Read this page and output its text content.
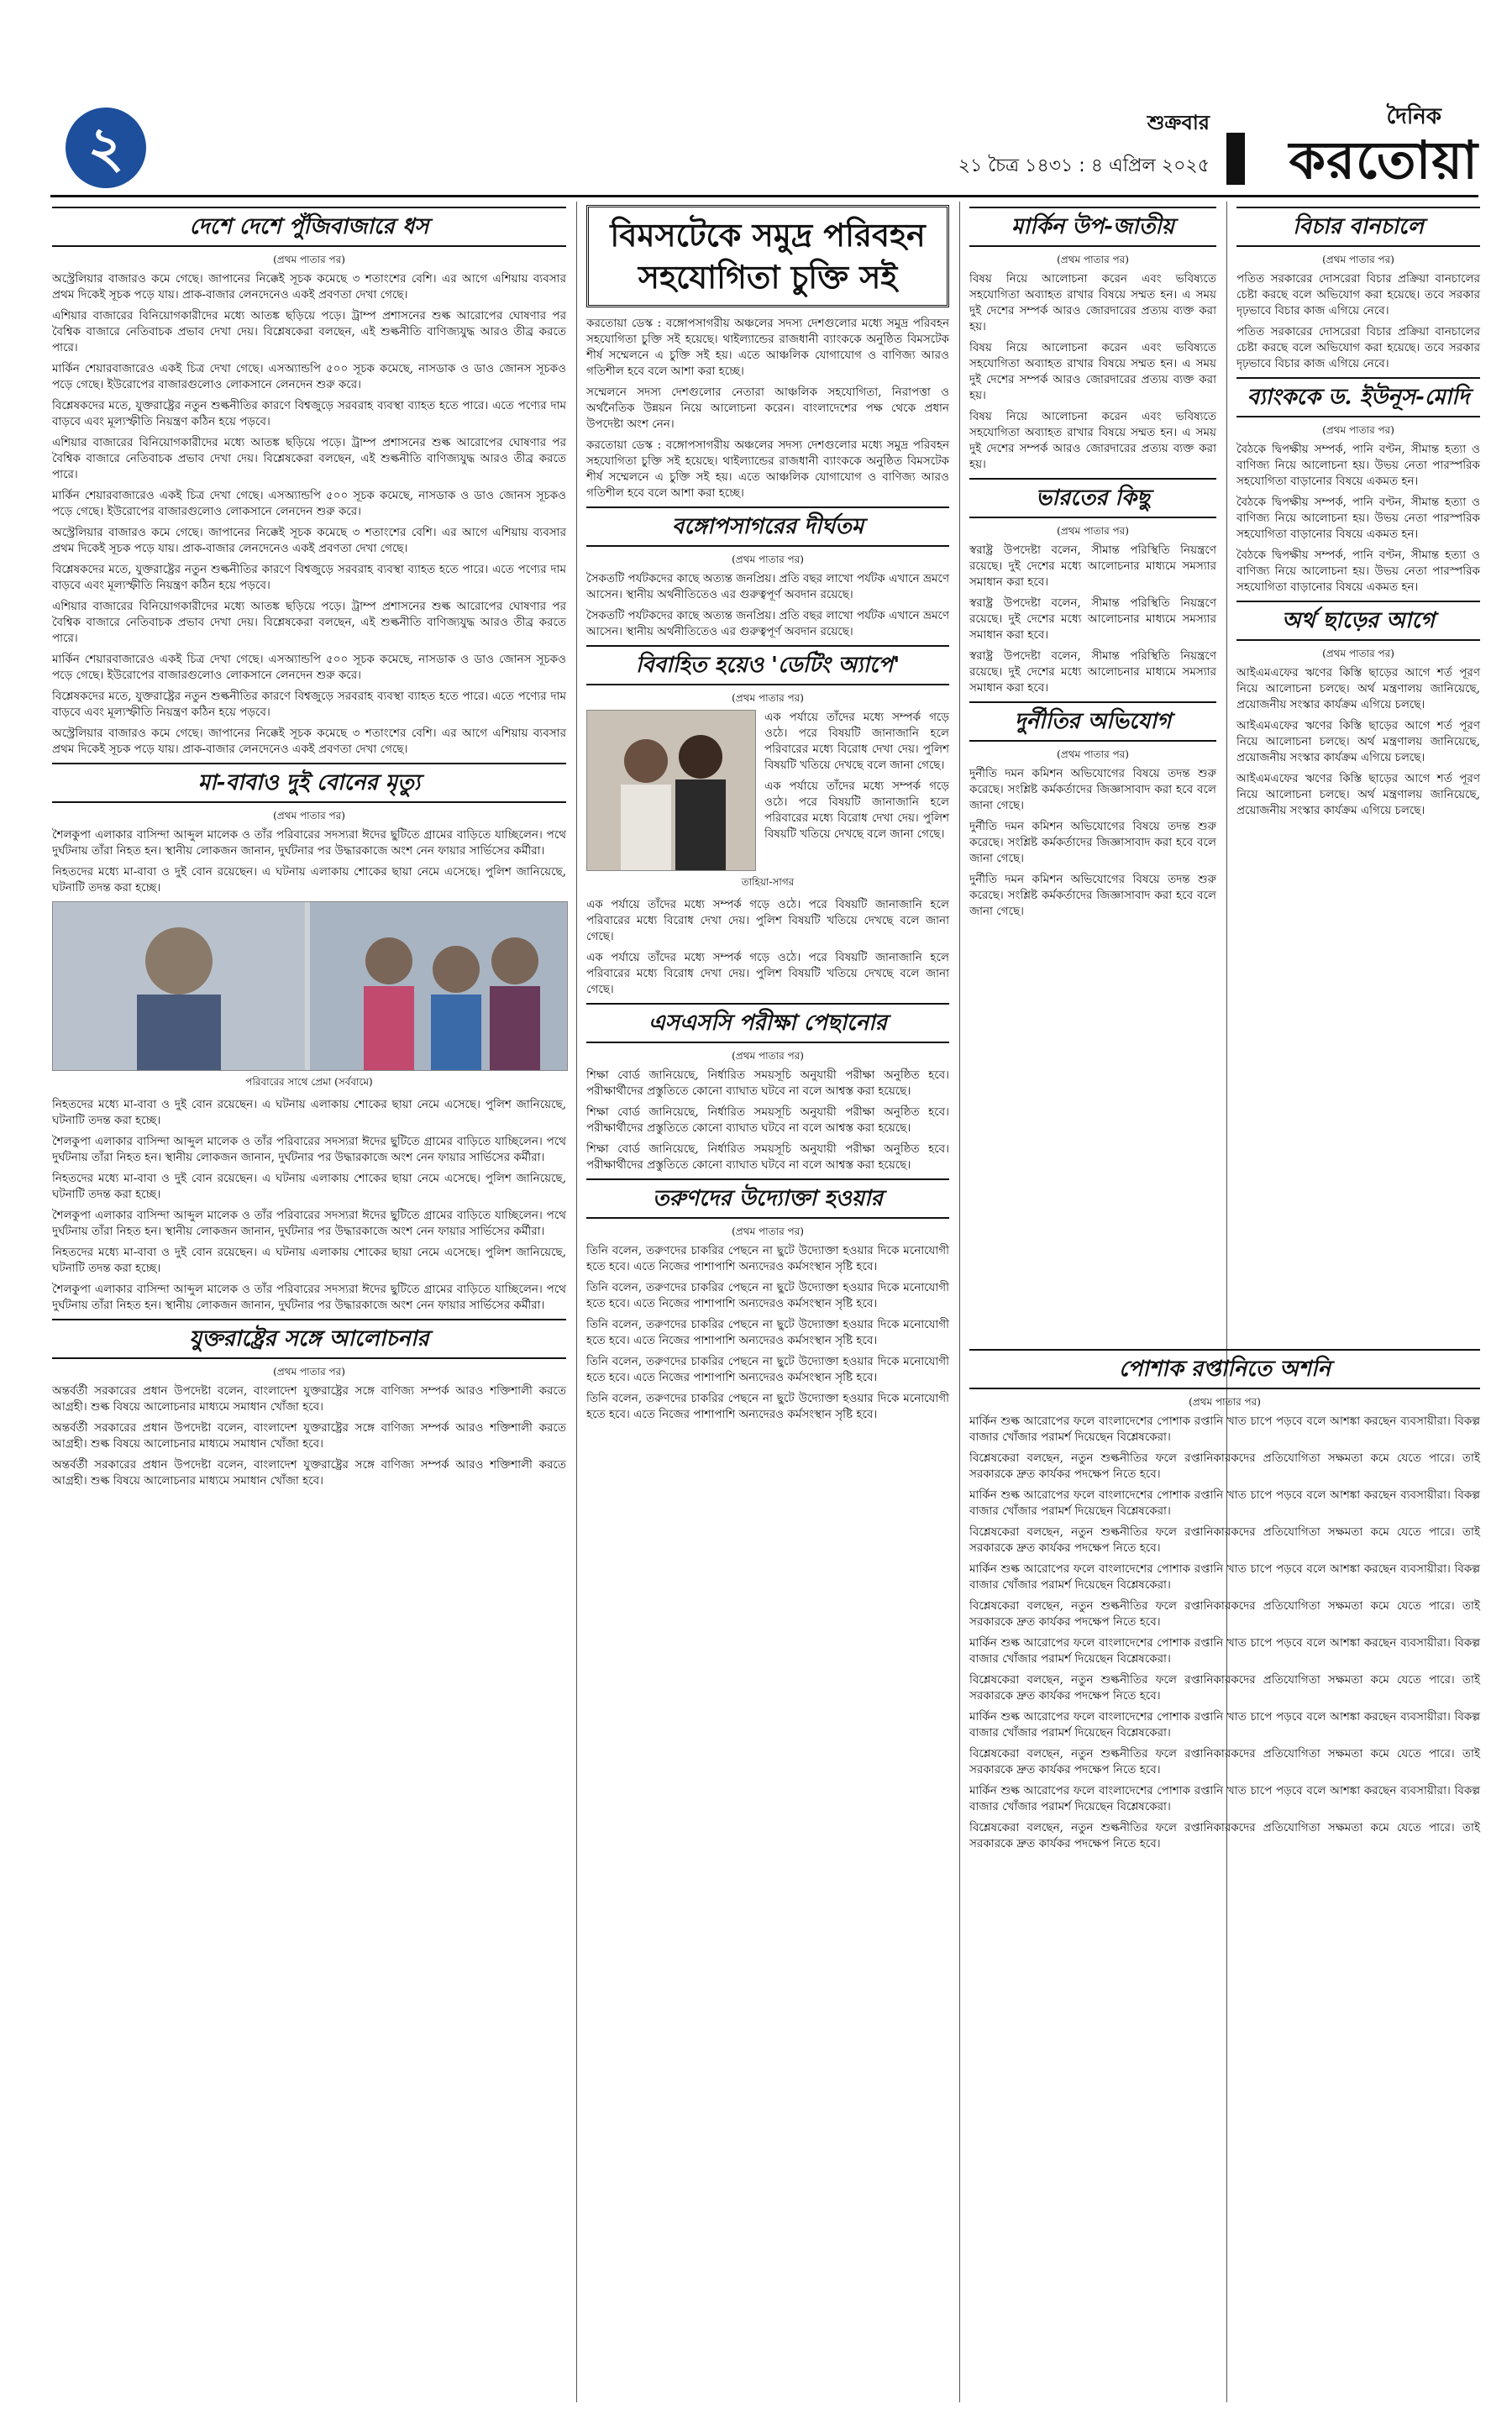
২	শুক্রবার
২১ চৈত্র ১৪৩১ : ৪ এপ্রিল ২০২৫
দৈনিক
করতোয়া
দেশে দেশে পুঁজিবাজারে ধস
(প্রথম পাতার পর)

অস্ট্রেলিয়ার বাজারও কমে গেছে। জাপানের নিক্কেই সূচক কমেছে ৩ শতাংশের বেশি। এর আগে এশিয়ায় ব্যবসার প্রথম দিকেই সূচক পড়ে যায়। প্রাক-বাজার লেনদেনেও একই প্রবণতা দেখা গেছে।

এশিয়ার বাজারের বিনিয়োগকারীদের মধ্যে আতঙ্ক ছড়িয়ে পড়ে। ট্রাম্প প্রশাসনের শুল্ক আরোপের ঘোষণার পর বৈশ্বিক বাজারে নেতিবাচক প্রভাব দেখা দেয়। বিশ্লেষকেরা বলছেন, এই শুল্কনীতি বাণিজ্যযুদ্ধ আরও তীব্র করতে পারে।

মার্কিন শেয়ারবাজারেও একই চিত্র দেখা গেছে। এসঅ্যান্ডপি ৫০০ সূচক কমেছে, নাসডাক ও ডাও জোনস সূচকও পড়ে গেছে। ইউরোপের বাজারগুলোও লোকসানে লেনদেন শুরু করে।

বিশ্লেষকদের মতে, যুক্তরাষ্ট্রের নতুন শুল্কনীতির কারণে বিশ্বজুড়ে সরবরাহ ব্যবস্থা ব্যাহত হতে পারে। এতে পণ্যের দাম বাড়বে এবং মূল্যস্ফীতি নিয়ন্ত্রণ কঠিন হয়ে পড়বে।

এশিয়ার বাজারের বিনিয়োগকারীদের মধ্যে আতঙ্ক ছড়িয়ে পড়ে। ট্রাম্প প্রশাসনের শুল্ক আরোপের ঘোষণার পর বৈশ্বিক বাজারে নেতিবাচক প্রভাব দেখা দেয়। বিশ্লেষকেরা বলছেন, এই শুল্কনীতি বাণিজ্যযুদ্ধ আরও তীব্র করতে পারে।

মার্কিন শেয়ারবাজারেও একই চিত্র দেখা গেছে। এসঅ্যান্ডপি ৫০০ সূচক কমেছে, নাসডাক ও ডাও জোনস সূচকও পড়ে গেছে। ইউরোপের বাজারগুলোও লোকসানে লেনদেন শুরু করে।

অস্ট্রেলিয়ার বাজারও কমে গেছে। জাপানের নিক্কেই সূচক কমেছে ৩ শতাংশের বেশি। এর আগে এশিয়ায় ব্যবসার প্রথম দিকেই সূচক পড়ে যায়। প্রাক-বাজার লেনদেনেও একই প্রবণতা দেখা গেছে।

বিশ্লেষকদের মতে, যুক্তরাষ্ট্রের নতুন শুল্কনীতির কারণে বিশ্বজুড়ে সরবরাহ ব্যবস্থা ব্যাহত হতে পারে। এতে পণ্যের দাম বাড়বে এবং মূল্যস্ফীতি নিয়ন্ত্রণ কঠিন হয়ে পড়বে।

এশিয়ার বাজারের বিনিয়োগকারীদের মধ্যে আতঙ্ক ছড়িয়ে পড়ে। ট্রাম্প প্রশাসনের শুল্ক আরোপের ঘোষণার পর বৈশ্বিক বাজারে নেতিবাচক প্রভাব দেখা দেয়। বিশ্লেষকেরা বলছেন, এই শুল্কনীতি বাণিজ্যযুদ্ধ আরও তীব্র করতে পারে।

মার্কিন শেয়ারবাজারেও একই চিত্র দেখা গেছে। এসঅ্যান্ডপি ৫০০ সূচক কমেছে, নাসডাক ও ডাও জোনস সূচকও পড়ে গেছে। ইউরোপের বাজারগুলোও লোকসানে লেনদেন শুরু করে।

বিশ্লেষকদের মতে, যুক্তরাষ্ট্রের নতুন শুল্কনীতির কারণে বিশ্বজুড়ে সরবরাহ ব্যবস্থা ব্যাহত হতে পারে। এতে পণ্যের দাম বাড়বে এবং মূল্যস্ফীতি নিয়ন্ত্রণ কঠিন হয়ে পড়বে।

অস্ট্রেলিয়ার বাজারও কমে গেছে। জাপানের নিক্কেই সূচক কমেছে ৩ শতাংশের বেশি। এর আগে এশিয়ায় ব্যবসার প্রথম দিকেই সূচক পড়ে যায়। প্রাক-বাজার লেনদেনেও একই প্রবণতা দেখা গেছে।

মা-বাবাও দুই বোনের মৃত্যু
(প্রথম পাতার পর)

শৈলকুপা এলাকার বাসিন্দা আব্দুল মালেক ও তাঁর পরিবারের সদস্যরা ঈদের ছুটিতে গ্রামের বাড়িতে যাচ্ছিলেন। পথে দুর্ঘটনায় তাঁরা নিহত হন। স্থানীয় লোকজন জানান, দুর্ঘটনার পর উদ্ধারকাজে অংশ নেন ফায়ার সার্ভিসের কর্মীরা।

নিহতদের মধ্যে মা-বাবা ও দুই বোন রয়েছেন। এ ঘটনায় এলাকায় শোকের ছায়া নেমে এসেছে। পুলিশ জানিয়েছে, ঘটনাটি তদন্ত করা হচ্ছে।

পরিবারের সাথে প্রেমা (সর্ববামে)

নিহতদের মধ্যে মা-বাবা ও দুই বোন রয়েছেন। এ ঘটনায় এলাকায় শোকের ছায়া নেমে এসেছে। পুলিশ জানিয়েছে, ঘটনাটি তদন্ত করা হচ্ছে।

শৈলকুপা এলাকার বাসিন্দা আব্দুল মালেক ও তাঁর পরিবারের সদস্যরা ঈদের ছুটিতে গ্রামের বাড়িতে যাচ্ছিলেন। পথে দুর্ঘটনায় তাঁরা নিহত হন। স্থানীয় লোকজন জানান, দুর্ঘটনার পর উদ্ধারকাজে অংশ নেন ফায়ার সার্ভিসের কর্মীরা।

নিহতদের মধ্যে মা-বাবা ও দুই বোন রয়েছেন। এ ঘটনায় এলাকায় শোকের ছায়া নেমে এসেছে। পুলিশ জানিয়েছে, ঘটনাটি তদন্ত করা হচ্ছে।

শৈলকুপা এলাকার বাসিন্দা আব্দুল মালেক ও তাঁর পরিবারের সদস্যরা ঈদের ছুটিতে গ্রামের বাড়িতে যাচ্ছিলেন। পথে দুর্ঘটনায় তাঁরা নিহত হন। স্থানীয় লোকজন জানান, দুর্ঘটনার পর উদ্ধারকাজে অংশ নেন ফায়ার সার্ভিসের কর্মীরা।

নিহতদের মধ্যে মা-বাবা ও দুই বোন রয়েছেন। এ ঘটনায় এলাকায় শোকের ছায়া নেমে এসেছে। পুলিশ জানিয়েছে, ঘটনাটি তদন্ত করা হচ্ছে।

শৈলকুপা এলাকার বাসিন্দা আব্দুল মালেক ও তাঁর পরিবারের সদস্যরা ঈদের ছুটিতে গ্রামের বাড়িতে যাচ্ছিলেন। পথে দুর্ঘটনায় তাঁরা নিহত হন। স্থানীয় লোকজন জানান, দুর্ঘটনার পর উদ্ধারকাজে অংশ নেন ফায়ার সার্ভিসের কর্মীরা।

যুক্তরাষ্ট্রের সঙ্গে আলোচনার
(প্রথম পাতার পর)

অন্তর্বর্তী সরকারের প্রধান উপদেষ্টা বলেন, বাংলাদেশ যুক্তরাষ্ট্রের সঙ্গে বাণিজ্য সম্পর্ক আরও শক্তিশালী করতে আগ্রহী। শুল্ক বিষয়ে আলোচনার মাধ্যমে সমাধান খোঁজা হবে।

অন্তর্বর্তী সরকারের প্রধান উপদেষ্টা বলেন, বাংলাদেশ যুক্তরাষ্ট্রের সঙ্গে বাণিজ্য সম্পর্ক আরও শক্তিশালী করতে আগ্রহী। শুল্ক বিষয়ে আলোচনার মাধ্যমে সমাধান খোঁজা হবে।

অন্তর্বর্তী সরকারের প্রধান উপদেষ্টা বলেন, বাংলাদেশ যুক্তরাষ্ট্রের সঙ্গে বাণিজ্য সম্পর্ক আরও শক্তিশালী করতে আগ্রহী। শুল্ক বিষয়ে আলোচনার মাধ্যমে সমাধান খোঁজা হবে।

বিমসটেকে সমুদ্র পরিবহন সহযোগিতা চুক্তি সই

করতোয়া ডেস্ক : বঙ্গোপসাগরীয় অঞ্চলের সদস্য দেশগুলোর মধ্যে সমুদ্র পরিবহন সহযোগিতা চুক্তি সই হয়েছে। থাইল্যান্ডের রাজধানী ব্যাংককে অনুষ্ঠিত বিমসটেক শীর্ষ সম্মেলনে এ চুক্তি সই হয়। এতে আঞ্চলিক যোগাযোগ ও বাণিজ্য আরও গতিশীল হবে বলে আশা করা হচ্ছে।

সম্মেলনে সদস্য দেশগুলোর নেতারা আঞ্চলিক সহযোগিতা, নিরাপত্তা ও অর্থনৈতিক উন্নয়ন নিয়ে আলোচনা করেন। বাংলাদেশের পক্ষ থেকে প্রধান উপদেষ্টা অংশ নেন।

করতোয়া ডেস্ক : বঙ্গোপসাগরীয় অঞ্চলের সদস্য দেশগুলোর মধ্যে সমুদ্র পরিবহন সহযোগিতা চুক্তি সই হয়েছে। থাইল্যান্ডের রাজধানী ব্যাংককে অনুষ্ঠিত বিমসটেক শীর্ষ সম্মেলনে এ চুক্তি সই হয়। এতে আঞ্চলিক যোগাযোগ ও বাণিজ্য আরও গতিশীল হবে বলে আশা করা হচ্ছে।

বঙ্গোপসাগরের দীর্ঘতম
(প্রথম পাতার পর)

সৈকতটি পর্যটকদের কাছে অত্যন্ত জনপ্রিয়। প্রতি বছর লাখো পর্যটক এখানে ভ্রমণে আসেন। স্থানীয় অর্থনীতিতেও এর গুরুত্বপূর্ণ অবদান রয়েছে।

সৈকতটি পর্যটকদের কাছে অত্যন্ত জনপ্রিয়। প্রতি বছর লাখো পর্যটক এখানে ভ্রমণে আসেন। স্থানীয় অর্থনীতিতেও এর গুরুত্বপূর্ণ অবদান রয়েছে।

বিবাহিত হয়েও 'ডেটিং অ্যাপে'
(প্রথম পাতার পর)

এক পর্যায়ে তাঁদের মধ্যে সম্পর্ক গড়ে ওঠে। পরে বিষয়টি জানাজানি হলে পরিবারের মধ্যে বিরোধ দেখা দেয়। পুলিশ বিষয়টি খতিয়ে দেখছে বলে জানা গেছে।

এক পর্যায়ে তাঁদের মধ্যে সম্পর্ক গড়ে ওঠে। পরে বিষয়টি জানাজানি হলে পরিবারের মধ্যে বিরোধ দেখা দেয়। পুলিশ বিষয়টি খতিয়ে দেখছে বলে জানা গেছে।

তাহিয়া-সাগর

এক পর্যায়ে তাঁদের মধ্যে সম্পর্ক গড়ে ওঠে। পরে বিষয়টি জানাজানি হলে পরিবারের মধ্যে বিরোধ দেখা দেয়। পুলিশ বিষয়টি খতিয়ে দেখছে বলে জানা গেছে।

এক পর্যায়ে তাঁদের মধ্যে সম্পর্ক গড়ে ওঠে। পরে বিষয়টি জানাজানি হলে পরিবারের মধ্যে বিরোধ দেখা দেয়। পুলিশ বিষয়টি খতিয়ে দেখছে বলে জানা গেছে।

এসএসসি পরীক্ষা পেছানোর
(প্রথম পাতার পর)

শিক্ষা বোর্ড জানিয়েছে, নির্ধারিত সময়সূচি অনুযায়ী পরীক্ষা অনুষ্ঠিত হবে। পরীক্ষার্থীদের প্রস্তুতিতে কোনো ব্যাঘাত ঘটবে না বলে আশ্বস্ত করা হয়েছে।

শিক্ষা বোর্ড জানিয়েছে, নির্ধারিত সময়সূচি অনুযায়ী পরীক্ষা অনুষ্ঠিত হবে। পরীক্ষার্থীদের প্রস্তুতিতে কোনো ব্যাঘাত ঘটবে না বলে আশ্বস্ত করা হয়েছে।

শিক্ষা বোর্ড জানিয়েছে, নির্ধারিত সময়সূচি অনুযায়ী পরীক্ষা অনুষ্ঠিত হবে। পরীক্ষার্থীদের প্রস্তুতিতে কোনো ব্যাঘাত ঘটবে না বলে আশ্বস্ত করা হয়েছে।

তরুণদের উদ্যোক্তা হওয়ার
(প্রথম পাতার পর)

তিনি বলেন, তরুণদের চাকরির পেছনে না ছুটে উদ্যোক্তা হওয়ার দিকে মনোযোগী হতে হবে। এতে নিজের পাশাপাশি অন্যদেরও কর্মসংস্থান সৃষ্টি হবে।

তিনি বলেন, তরুণদের চাকরির পেছনে না ছুটে উদ্যোক্তা হওয়ার দিকে মনোযোগী হতে হবে। এতে নিজের পাশাপাশি অন্যদেরও কর্মসংস্থান সৃষ্টি হবে।

তিনি বলেন, তরুণদের চাকরির পেছনে না ছুটে উদ্যোক্তা হওয়ার দিকে মনোযোগী হতে হবে। এতে নিজের পাশাপাশি অন্যদেরও কর্মসংস্থান সৃষ্টি হবে।

তিনি বলেন, তরুণদের চাকরির পেছনে না ছুটে উদ্যোক্তা হওয়ার দিকে মনোযোগী হতে হবে। এতে নিজের পাশাপাশি অন্যদেরও কর্মসংস্থান সৃষ্টি হবে।

তিনি বলেন, তরুণদের চাকরির পেছনে না ছুটে উদ্যোক্তা হওয়ার দিকে মনোযোগী হতে হবে। এতে নিজের পাশাপাশি অন্যদেরও কর্মসংস্থান সৃষ্টি হবে।

মার্কিন উপ-জাতীয়
(প্রথম পাতার পর)

বিষয় নিয়ে আলোচনা করেন এবং ভবিষ্যতে সহযোগিতা অব্যাহত রাখার বিষয়ে সম্মত হন। এ সময় দুই দেশের সম্পর্ক আরও জোরদারের প্রত্যয় ব্যক্ত করা হয়।

বিষয় নিয়ে আলোচনা করেন এবং ভবিষ্যতে সহযোগিতা অব্যাহত রাখার বিষয়ে সম্মত হন। এ সময় দুই দেশের সম্পর্ক আরও জোরদারের প্রত্যয় ব্যক্ত করা হয়।

বিষয় নিয়ে আলোচনা করেন এবং ভবিষ্যতে সহযোগিতা অব্যাহত রাখার বিষয়ে সম্মত হন। এ সময় দুই দেশের সম্পর্ক আরও জোরদারের প্রত্যয় ব্যক্ত করা হয়।

ভারতের কিছু
(প্রথম পাতার পর)

স্বরাষ্ট্র উপদেষ্টা বলেন, সীমান্ত পরিস্থিতি নিয়ন্ত্রণে রয়েছে। দুই দেশের মধ্যে আলোচনার মাধ্যমে সমস্যার সমাধান করা হবে।

স্বরাষ্ট্র উপদেষ্টা বলেন, সীমান্ত পরিস্থিতি নিয়ন্ত্রণে রয়েছে। দুই দেশের মধ্যে আলোচনার মাধ্যমে সমস্যার সমাধান করা হবে।

স্বরাষ্ট্র উপদেষ্টা বলেন, সীমান্ত পরিস্থিতি নিয়ন্ত্রণে রয়েছে। দুই দেশের মধ্যে আলোচনার মাধ্যমে সমস্যার সমাধান করা হবে।

দুর্নীতির অভিযোগ
(প্রথম পাতার পর)

দুর্নীতি দমন কমিশন অভিযোগের বিষয়ে তদন্ত শুরু করেছে। সংশ্লিষ্ট কর্মকর্তাদের জিজ্ঞাসাবাদ করা হবে বলে জানা গেছে।

দুর্নীতি দমন কমিশন অভিযোগের বিষয়ে তদন্ত শুরু করেছে। সংশ্লিষ্ট কর্মকর্তাদের জিজ্ঞাসাবাদ করা হবে বলে জানা গেছে।

দুর্নীতি দমন কমিশন অভিযোগের বিষয়ে তদন্ত শুরু করেছে। সংশ্লিষ্ট কর্মকর্তাদের জিজ্ঞাসাবাদ করা হবে বলে জানা গেছে।

বিচার বানচালে
(প্রথম পাতার পর)

পতিত সরকারের দোসরেরা বিচার প্রক্রিয়া বানচালের চেষ্টা করছে বলে অভিযোগ করা হয়েছে। তবে সরকার দৃঢ়ভাবে বিচার কাজ এগিয়ে নেবে।

পতিত সরকারের দোসরেরা বিচার প্রক্রিয়া বানচালের চেষ্টা করছে বলে অভিযোগ করা হয়েছে। তবে সরকার দৃঢ়ভাবে বিচার কাজ এগিয়ে নেবে।

ব্যাংককে ড. ইউনূস-মোদি
(প্রথম পাতার পর)

বৈঠকে দ্বিপক্ষীয় সম্পর্ক, পানি বণ্টন, সীমান্ত হত্যা ও বাণিজ্য নিয়ে আলোচনা হয়। উভয় নেতা পারস্পরিক সহযোগিতা বাড়ানোর বিষয়ে একমত হন।

বৈঠকে দ্বিপক্ষীয় সম্পর্ক, পানি বণ্টন, সীমান্ত হত্যা ও বাণিজ্য নিয়ে আলোচনা হয়। উভয় নেতা পারস্পরিক সহযোগিতা বাড়ানোর বিষয়ে একমত হন।

বৈঠকে দ্বিপক্ষীয় সম্পর্ক, পানি বণ্টন, সীমান্ত হত্যা ও বাণিজ্য নিয়ে আলোচনা হয়। উভয় নেতা পারস্পরিক সহযোগিতা বাড়ানোর বিষয়ে একমত হন।

অর্থ ছাড়ের আগে
(প্রথম পাতার পর)

আইএমএফের ঋণের কিস্তি ছাড়ের আগে শর্ত পূরণ নিয়ে আলোচনা চলছে। অর্থ মন্ত্রণালয় জানিয়েছে, প্রয়োজনীয় সংস্কার কার্যক্রম এগিয়ে চলছে।

আইএমএফের ঋণের কিস্তি ছাড়ের আগে শর্ত পূরণ নিয়ে আলোচনা চলছে। অর্থ মন্ত্রণালয় জানিয়েছে, প্রয়োজনীয় সংস্কার কার্যক্রম এগিয়ে চলছে।

আইএমএফের ঋণের কিস্তি ছাড়ের আগে শর্ত পূরণ নিয়ে আলোচনা চলছে। অর্থ মন্ত্রণালয় জানিয়েছে, প্রয়োজনীয় সংস্কার কার্যক্রম এগিয়ে চলছে।

পোশাক রপ্তানিতে অশনি
(প্রথম পাতার পর)

মার্কিন শুল্ক আরোপের ফলে বাংলাদেশের পোশাক রপ্তানি খাত চাপে পড়বে বলে আশঙ্কা করছেন ব্যবসায়ীরা। বিকল্প বাজার খোঁজার পরামর্শ দিয়েছেন বিশ্লেষকেরা।

বিশ্লেষকেরা বলছেন, নতুন শুল্কনীতির ফলে রপ্তানিকারকদের প্রতিযোগিতা সক্ষমতা কমে যেতে পারে। তাই সরকারকে দ্রুত কার্যকর পদক্ষেপ নিতে হবে।

মার্কিন শুল্ক আরোপের ফলে বাংলাদেশের পোশাক রপ্তানি খাত চাপে পড়বে বলে আশঙ্কা করছেন ব্যবসায়ীরা। বিকল্প বাজার খোঁজার পরামর্শ দিয়েছেন বিশ্লেষকেরা।

বিশ্লেষকেরা বলছেন, নতুন শুল্কনীতির ফলে রপ্তানিকারকদের প্রতিযোগিতা সক্ষমতা কমে যেতে পারে। তাই সরকারকে দ্রুত কার্যকর পদক্ষেপ নিতে হবে।

মার্কিন শুল্ক আরোপের ফলে বাংলাদেশের পোশাক রপ্তানি খাত চাপে পড়বে বলে আশঙ্কা করছেন ব্যবসায়ীরা। বিকল্প বাজার খোঁজার পরামর্শ দিয়েছেন বিশ্লেষকেরা।

বিশ্লেষকেরা বলছেন, নতুন শুল্কনীতির ফলে রপ্তানিকারকদের প্রতিযোগিতা সক্ষমতা কমে যেতে পারে। তাই সরকারকে দ্রুত কার্যকর পদক্ষেপ নিতে হবে।

মার্কিন শুল্ক আরোপের ফলে বাংলাদেশের পোশাক রপ্তানি খাত চাপে পড়বে বলে আশঙ্কা করছেন ব্যবসায়ীরা। বিকল্প বাজার খোঁজার পরামর্শ দিয়েছেন বিশ্লেষকেরা।

বিশ্লেষকেরা বলছেন, নতুন শুল্কনীতির ফলে রপ্তানিকারকদের প্রতিযোগিতা সক্ষমতা কমে যেতে পারে। তাই সরকারকে দ্রুত কার্যকর পদক্ষেপ নিতে হবে।

মার্কিন শুল্ক আরোপের ফলে বাংলাদেশের পোশাক রপ্তানি খাত চাপে পড়বে বলে আশঙ্কা করছেন ব্যবসায়ীরা। বিকল্প বাজার খোঁজার পরামর্শ দিয়েছেন বিশ্লেষকেরা।

বিশ্লেষকেরা বলছেন, নতুন শুল্কনীতির ফলে রপ্তানিকারকদের প্রতিযোগিতা সক্ষমতা কমে যেতে পারে। তাই সরকারকে দ্রুত কার্যকর পদক্ষেপ নিতে হবে।

মার্কিন শুল্ক আরোপের ফলে বাংলাদেশের পোশাক রপ্তানি খাত চাপে পড়বে বলে আশঙ্কা করছেন ব্যবসায়ীরা। বিকল্প বাজার খোঁজার পরামর্শ দিয়েছেন বিশ্লেষকেরা।

বিশ্লেষকেরা বলছেন, নতুন শুল্কনীতির ফলে রপ্তানিকারকদের প্রতিযোগিতা সক্ষমতা কমে যেতে পারে। তাই সরকারকে দ্রুত কার্যকর পদক্ষেপ নিতে হবে।
